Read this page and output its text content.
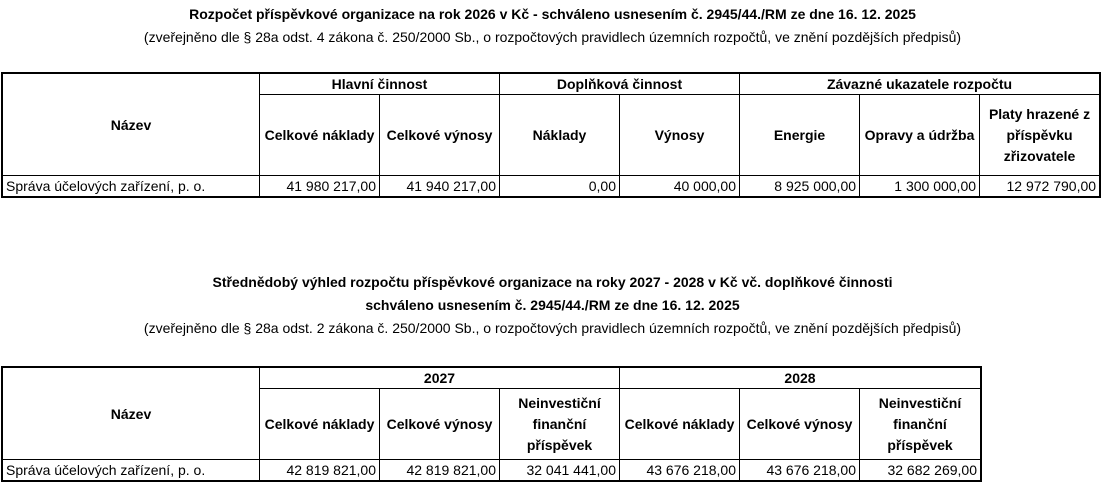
Rozpočet příspěvkové organizace na rok 2026 v Kč - schváleno usnesením č. 2945/44./RM ze dne 16. 12. 2025
(zveřejněno dle § 28a odst. 4 zákona č. 250/2000 Sb., o rozpočtových pravidlech územních rozpočtů, ve znění pozdějších předpisů)
Název	Hlavní činnost		Doplňková činnost		Závazné ukazatele rozpočtu		
	Celkové náklady	Celkové výnosy	Náklady	Výnosy	Energie	Opravy a údržba	Platy hrazené z příspěvku zřizovatele
Správa účelových zařízení, p. o.	41 980 217,00	41 940 217,00	0,00	40 000,00	8 925 000,00	1 300 000,00	12 972 790,00
Střednědobý výhled rozpočtu příspěvkové organizace na roky 2027 - 2028 v Kč vč. doplňkové činnosti
schváleno usnesením č. 2945/44./RM ze dne 16. 12. 2025
(zveřejněno dle § 28a odst. 2 zákona č. 250/2000 Sb., o rozpočtových pravidlech územních rozpočtů, ve znění pozdějších předpisů)
Název	2027			2028		
	Celkové náklady	Celkové výnosy	Neinvestiční finanční příspěvek	Celkové náklady	Celkové výnosy	Neinvestiční finanční příspěvek
Správa účelových zařízení, p. o.	42 819 821,00	42 819 821,00	32 041 441,00	43 676 218,00	43 676 218,00	32 682 269,00
